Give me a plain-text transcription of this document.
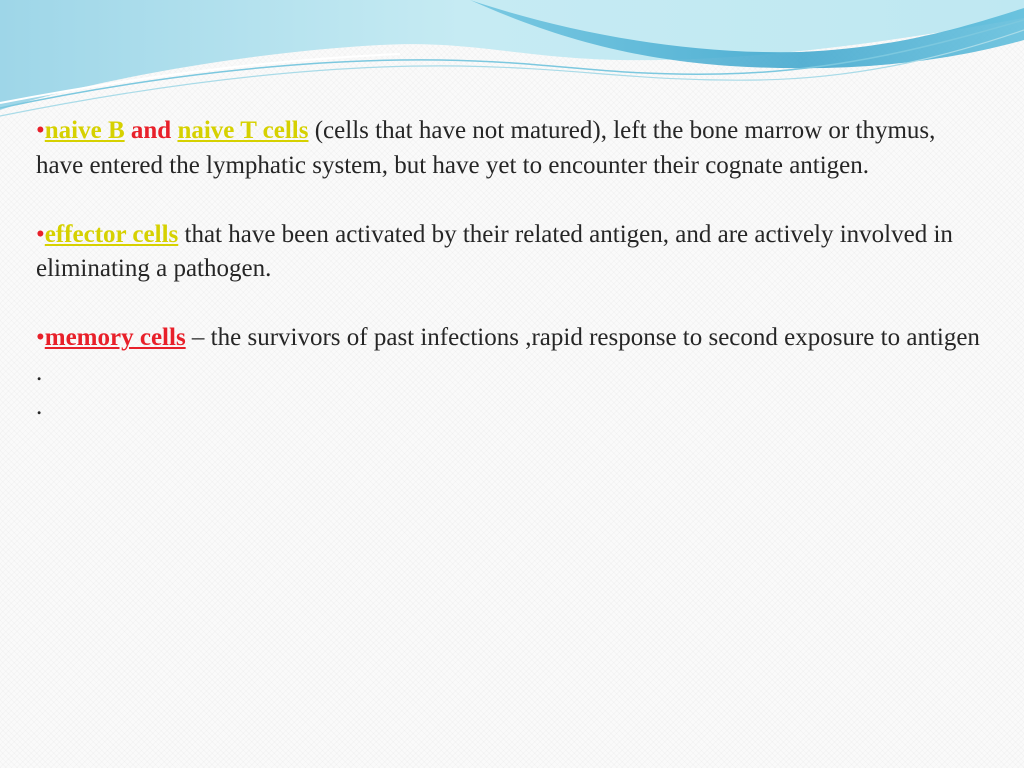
•naive B and naive T cells (cells that have not matured), left the bone marrow or thymus, have entered the lymphatic system, but have yet to encounter their cognate antigen.

•effector cells that have been activated by their related antigen, and are actively involved in eliminating a pathogen.

•memory cells – the survivors of past infections ,rapid response to second exposure to antigen .

.
